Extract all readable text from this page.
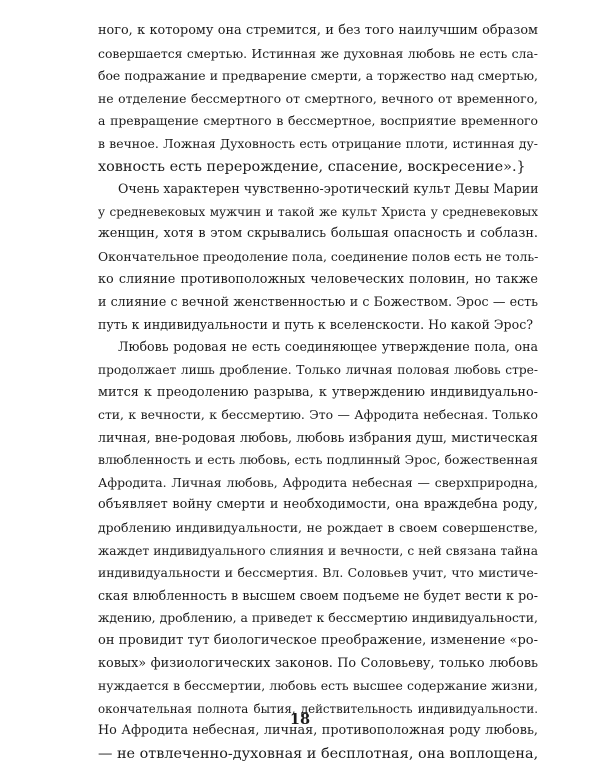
ного, к которому она стремится, и без того наилучшим образом
совершается смертью. Истинная же духовная любовь не есть сла-
бое подражание и предварение смерти, а торжество над смертью,
не отделение бессмертного от смертного, вечного от временного,
а превращение смертного в бессмертное, восприятие временного
в вечное. Ложная Духовность есть отрицание плоти, истинная ду-
ховность есть перерождение, спасение, воскресение».}
Очень характерен чувственно-эротический культ Девы Марии
у средневековых мужчин и такой же культ Христа у средневековых
женщин, хотя в этом скрывались большая опасность и соблазн.
Окончательное преодоление пола, соединение полов есть не толь-
ко слияние противоположных человеческих половин, но также
и слияние с вечной женственностью и с Божеством. Эрос — есть
путь к индивидуальности и путь к вселенскости. Но какой Эрос?
Любовь родовая не есть соединяющее утверждение пола, она
продолжает лишь дробление. Только личная половая любовь стре-
мится к преодолению разрыва, к утверждению индивидуально-
сти, к вечности, к бессмертию. Это — Афродита небесная. Только
личная, вне-родовая любовь, любовь избрания душ, мистическая
влюбленность и есть любовь, есть подлинный Эрос, божественная
Афродита. Личная любовь, Афродита небесная — сверхприродна,
объявляет войну смерти и необходимости, она враждебна роду,
дроблению индивидуальности, не рождает в своем совершенстве,
жаждет индивидуального слияния и вечности, с ней связана тайна
индивидуальности и бессмертия. Вл. Соловьев учит, что мистиче-
ская влюбленность в высшем своем подъеме не будет вести к ро-
ждению, дроблению, а приведет к бессмертию индивидуальности,
он провидит тут биологическое преображение, изменение «ро-
ковых» физиологических законов. По Соловьеву, только любовь
нуждается в бессмертии, любовь есть высшее содержание жизни,
окончательная полнота бытия, действительность индивидуальности.
Но Афродита небесная, личная, противоположная роду любовь,
— не отвлеченно-духовная и бесплотная, она воплощена,
18
